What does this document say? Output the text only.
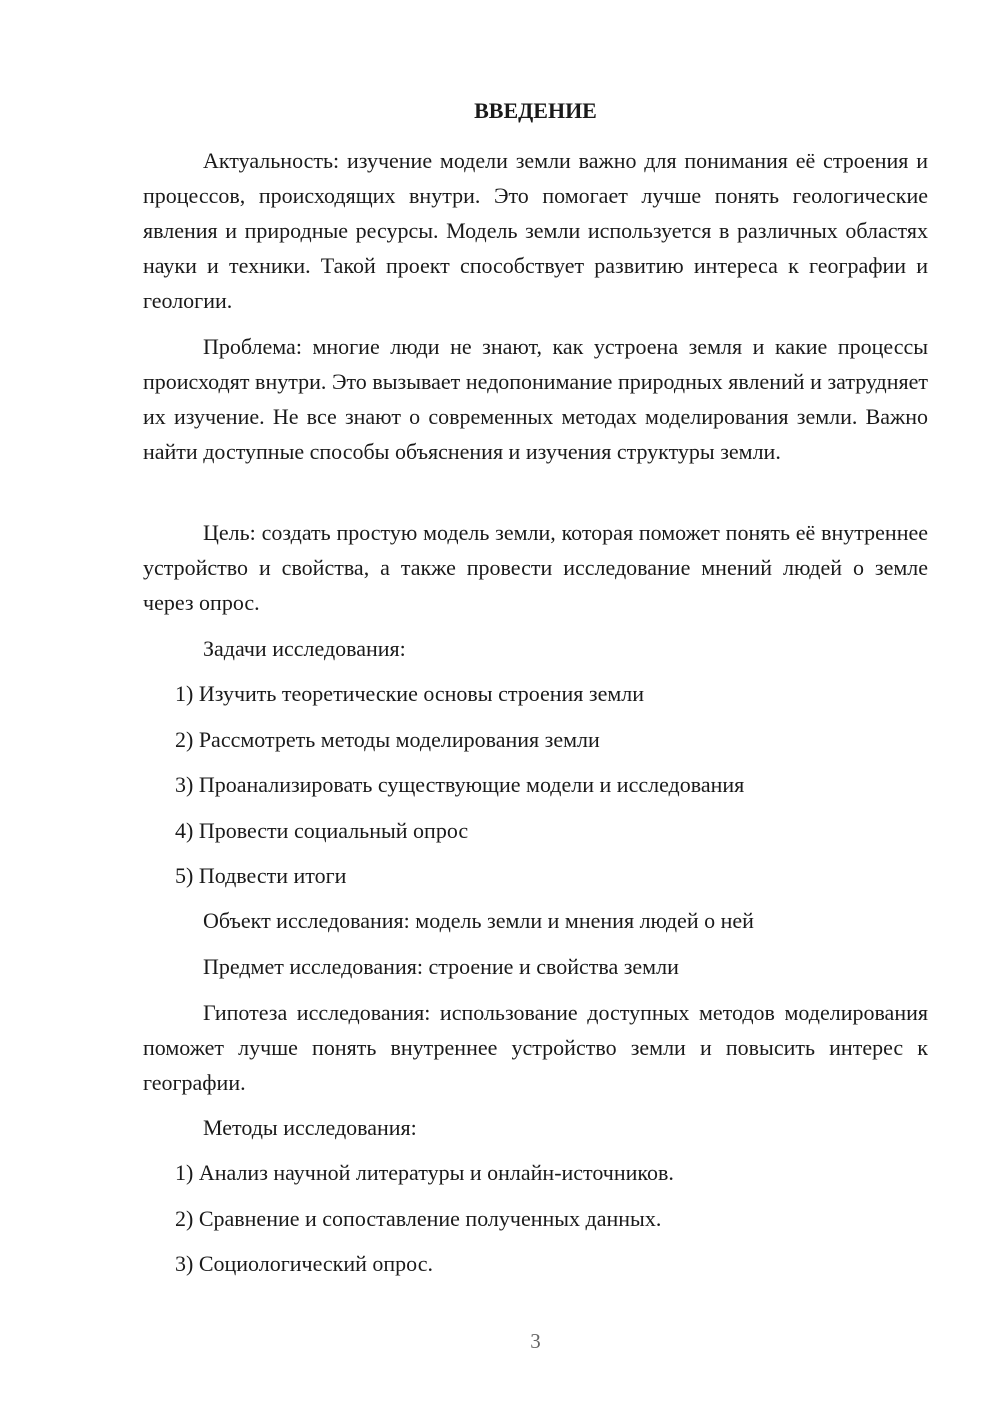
ВВЕДЕНИЕ

Актуальность: изучение модели земли важно для понимания её строения и процессов, происходящих внутри. Это помогает лучше понять геологические явления и природные ресурсы. Модель земли используется в различных областях науки и техники. Такой проект способствует развитию интереса к географии и геологии.

Проблема: многие люди не знают, как устроена земля и какие процессы происходят внутри. Это вызывает недопонимание природных явлений и затрудняет их изучение. Не все знают о современных методах моделирования земли. Важно найти доступные способы объяснения и изучения структуры земли.

Цель: создать простую модель земли, которая поможет понять её внутреннее устройство и свойства, а также провести исследование мнений людей о земле через опрос.

Задачи исследования:

1) Изучить теоретические основы строения земли

2) Рассмотреть методы моделирования земли

3) Проанализировать существующие модели и исследования

4) Провести социальный опрос

5) Подвести итоги

Объект исследования: модель земли и мнения людей о ней

Предмет исследования: строение и свойства земли

Гипотеза исследования: использование доступных методов моделирования поможет лучше понять внутреннее устройство земли и повысить интерес к географии.

Методы исследования:

1) Анализ научной литературы и онлайн-источников.

2) Сравнение и сопоставление полученных данных.

3) Социологический опрос.

3
